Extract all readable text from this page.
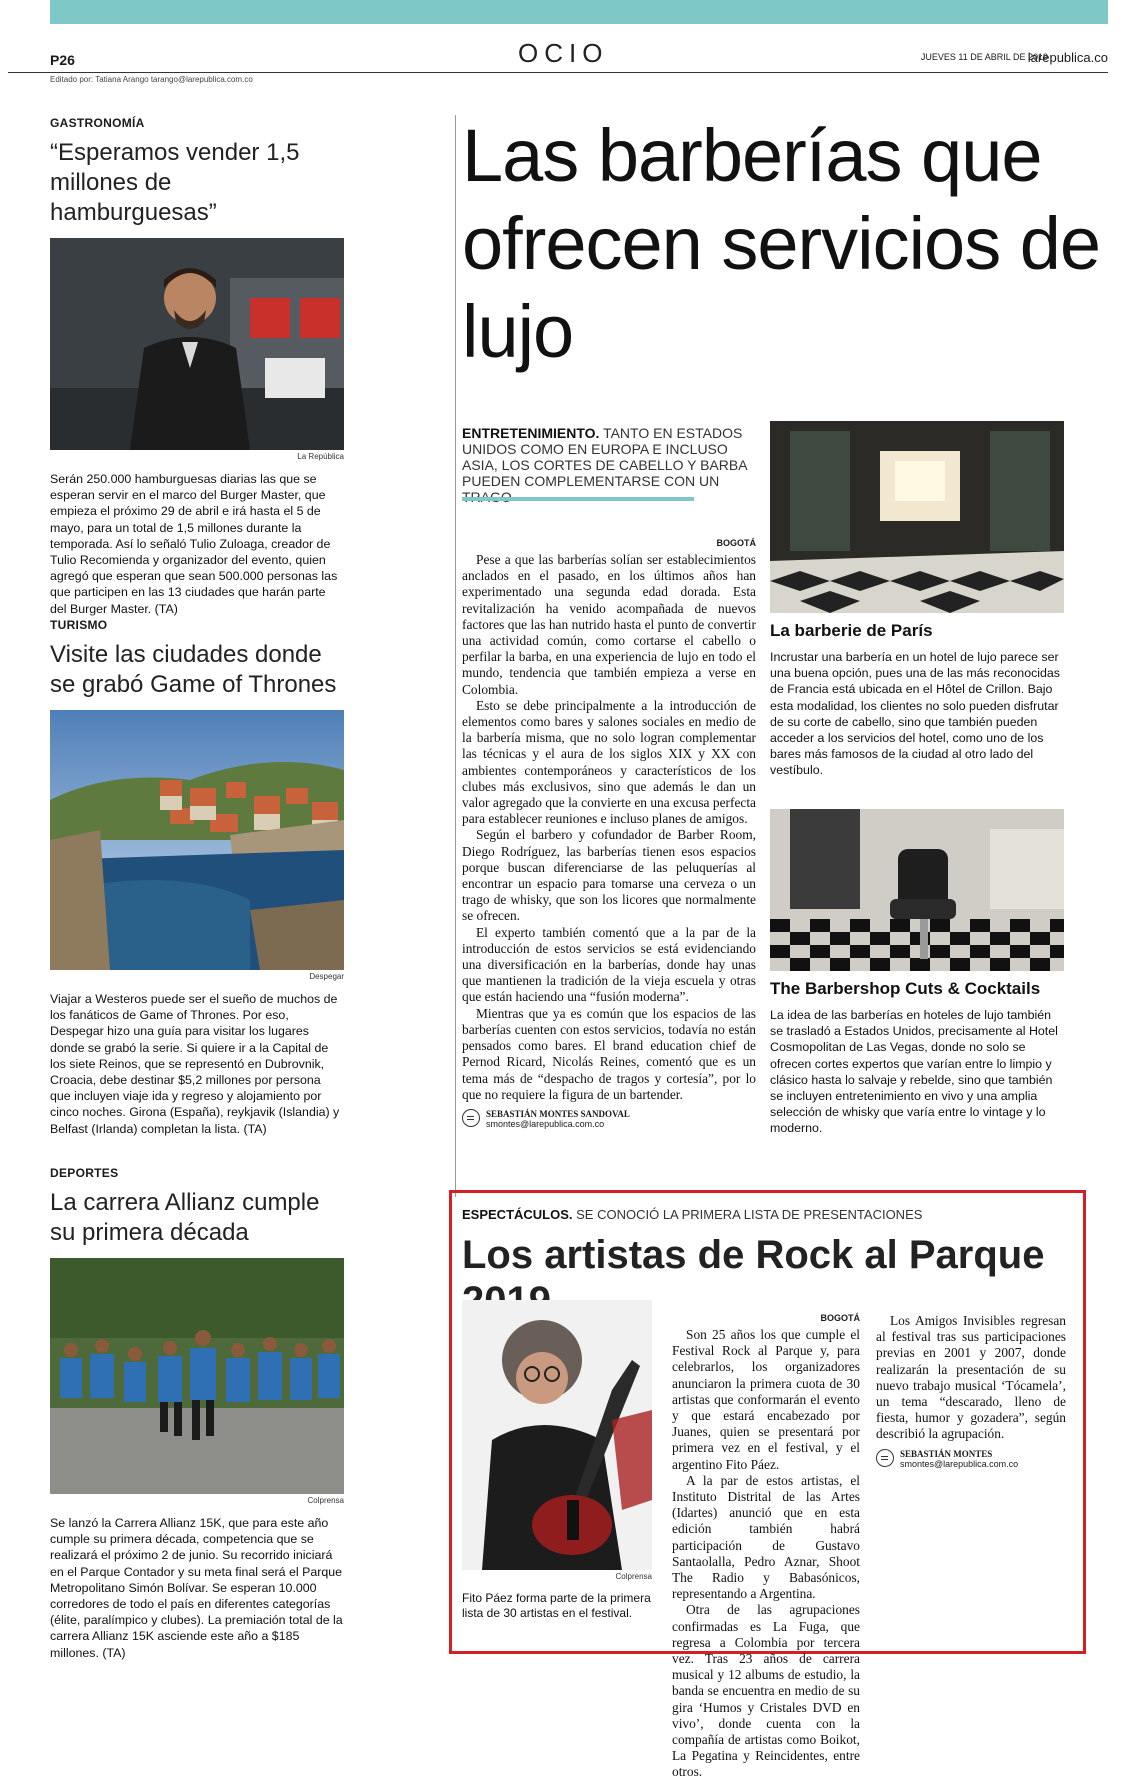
P26	OCIO	JUEVES 11 DE ABRIL DE 2019
larepublica.co
Editado por: Tatiana Arango tarango@larepublica.com.co
GASTRONOMÍA
“Esperamos vender 1,5 millones de hamburguesas”
La República

Serán 250.000 hamburguesas diarias las que se esperan servir en el marco del Burger Master, que empieza el próximo 29 de abril e irá hasta el 5 de mayo, para un total de 1,5 millones durante la temporada. Así lo señaló Tulio Zuloaga, creador de Tulio Recomienda y organizador del evento, quien agregó que esperan que sean 500.000 personas las que participen en las 13 ciudades que harán parte del Burger Master. (TA)

TURISMO
Visite las ciudades donde se grabó Game of Thrones
Despegar

Viajar a Westeros puede ser el sueño de muchos de los fanáticos de Game of Thrones. Por eso, Despegar hizo una guía para visitar los lugares donde se grabó la serie. Si quiere ir a la Capital de los siete Reinos, que se representó en Dubrovnik, Croacia, debe destinar $5,2 millones por persona que incluyen viaje ida y regreso y alojamiento por cinco noches. Girona (España), reykjavik (Islandia) y Belfast (Irlanda) completan la lista. (TA)

DEPORTES
La carrera Allianz cumple su primera década
Colprensa

Se lanzó la Carrera Allianz 15K, que para este año cumple su primera década, competencia que se realizará el próximo 2 de junio. Su recorrido iniciará en el Parque Contador y su meta final será el Parque Metropolitano Simón Bolívar. Se esperan 10.000 corredores de todo el país en diferentes categorías (élite, paralímpico y clubes). La premiación total de la carrera Allianz 15K asciende este año a $185 millones. (TA)

Las barberías que ofrecen servicios de lujo
ENTRETENIMIENTO. TANTO EN ESTADOS UNIDOS COMO EN EUROPA E INCLUSO ASIA, LOS CORTES DE CABELLO Y BARBA PUEDEN COMPLEMENTARSE CON UN
BOGOTÁ

Pese a que las barberías solían ser establecimientos anclados en el pasado, en los últimos años han experimentado una segunda edad dorada. Esta revitalización ha venido acompañada de nuevos factores que las han nutrido hasta el punto de convertir una actividad común, como cortarse el cabello o perfilar la barba, en una experiencia de lujo en todo el mundo, tendencia que también empieza a verse en Colombia.

Esto se debe principalmente a la introducción de elementos como bares y salones sociales en medio de la barbería misma, que no solo logran complementar las técnicas y el aura de los siglos XIX y XX con ambientes contemporáneos y característicos de los clubes más exclusivos, sino que además le dan un valor agregado que la convierte en una excusa perfecta para establecer reuniones e incluso planes de amigos.

Según el barbero y cofundador de Barber Room, Diego Rodríguez, las barberías tienen esos espacios porque buscan diferenciarse de las peluquerías al encontrar un espacio para tomarse una cerveza o un trago de whisky, que son los licores que normalmente se ofrecen.

El experto también comentó que a la par de la introducción de estos servicios se está evidenciando una diversificación en la barberías, donde hay unas que mantienen la tradición de la vieja escuela y otras que están haciendo una “fusión moderna”.

Mientras que ya es común que los espacios de las barberías cuenten con estos servicios, todavía no están pensados como bares. El brand education chief de Pernod Ricard, Nicolás Reines, comentó que es un tema más de “despacho de tragos y cortesía”, por lo que no requiere la figura de un bartender.

SEBASTIÁN MONTES SANDOVAL
smontes@larepublica.com.co
La barberie de París

Incrustar una barbería en un hotel de lujo parece ser una buena opción, pues una de las más reconocidas de Francia está ubicada en el Hôtel de Crillon. Bajo esta modalidad, los clientes no solo pueden disfrutar de su corte de cabello, sino que también pueden acceder a los servicios del hotel, como uno de los bares más famosos de la ciudad al otro lado del vestíbulo.

The Barbershop Cuts & Cocktails

La idea de las barberías en hoteles de lujo también se trasladó a Estados Unidos, precisamente al Hotel Cosmopolitan de Las Vegas, donde no solo se ofrecen cortes expertos que varían entre lo limpio y clásico hasta lo salvaje y rebelde, sino que también se incluyen entretenimiento en vivo y una amplia selección de whisky que varía entre lo vintage y lo moderno.

ESPECTÁCULOS. SE CONOCIÓ LA PRIMERA LISTA DE PRESENTACIONES
Los artistas de Rock al Parque
Colprensa

Fito Páez forma parte de la primera lista de 30 artistas en el festival.

BOGOTÁ

Son 25 años los que cumple el Festival Rock al Parque y, para celebrarlos, los organizadores anunciaron la primera cuota de 30 artistas que conformarán el evento y que estará encabezado por Juanes, quien se presentará por primera vez en el festival, y el argentino Fito Páez.

A la par de estos artistas, el Instituto Distrital de las Artes (Idartes) anunció que en esta edición también habrá participación de Gustavo Santaolalla, Pedro Aznar, Shoot The Radio y Babasónicos, representando a Argentina.

Otra de las agrupaciones confirmadas es La Fuga, que regresa a Colombia por tercera vez. Tras 23 años de carrera musical y 12 albums de estudio, la banda se encuentra en medio de su gira ‘Humos y Cristales DVD en vivo’, donde cuenta con la compañía de artistas como Boikot, La Pegatina y Reincidentes, entre otros.

Los Amigos Invisibles regresan al festival tras sus participaciones previas en 2001 y 2007, donde realizarán la presentación de su nuevo trabajo musical ‘Tócamela’, un tema “descarado, lleno de fiesta, humor y gozadera”, según describió la agrupación.

SEBASTIÁN MONTES
smontes@larepublica.com.co
